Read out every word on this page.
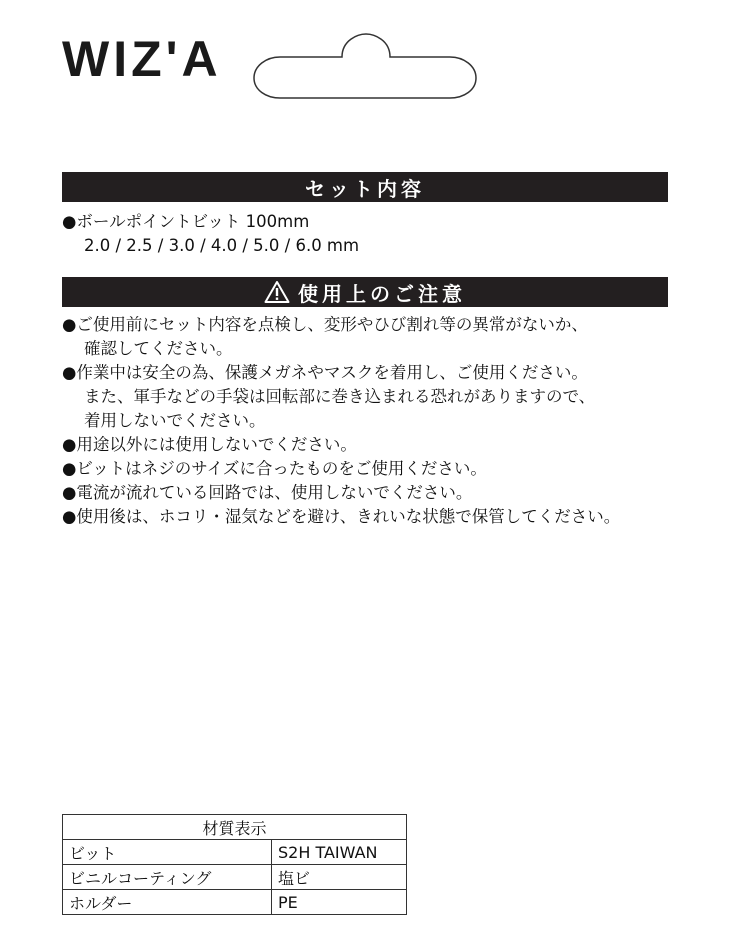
WIZ'A
セット内容
●ボールポイントビット 100mm
2.0 / 2.5 / 3.0 / 4.0 / 5.0 / 6.0 mm
使用上のご注意
●ご使用前にセット内容を点検し、変形やひび割れ等の異常がないか、
確認してください。
●作業中は安全の為、保護メガネやマスクを着用し、ご使用ください。
また、軍手などの手袋は回転部に巻き込まれる恐れがありますので、
着用しないでください。
●用途以外には使用しないでください。
●ビットはネジのサイズに合ったものをご使用ください。
●電流が流れている回路では、使用しないでください。
●使用後は、ホコリ・湿気などを避け、きれいな状態で保管してください。
材質表示	
ビット	S2H TAIWAN
ビニルコーティング	塩ビ
ホルダー	PE
